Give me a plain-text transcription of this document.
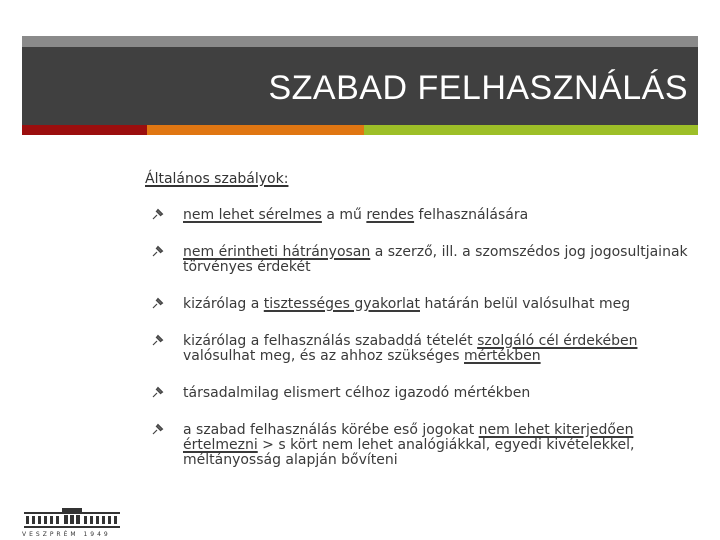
SZABAD FELHASZNÁLÁS
Általános szabályok:
nem lehet sérelmes a mű rendes felhasználására
nem érintheti hátrányosan a szerző, ill. a szomszédos jog jogosultjainak törvényes érdekét
kizárólag a tisztességes gyakorlat határán belül valósulhat meg
kizárólag a felhasználás szabaddá tételét szolgáló cél érdekében valósulhat meg, és az ahhoz szükséges mértékben
társadalmilag elismert célhoz igazodó mértékben
a szabad felhasználás körébe eső jogokat nem lehet kiterjedően értelmezni > s kört nem lehet analógiákkal, egyedi kivételekkel, méltányosság alapján bővíteni
VESZPRÉM 1949
